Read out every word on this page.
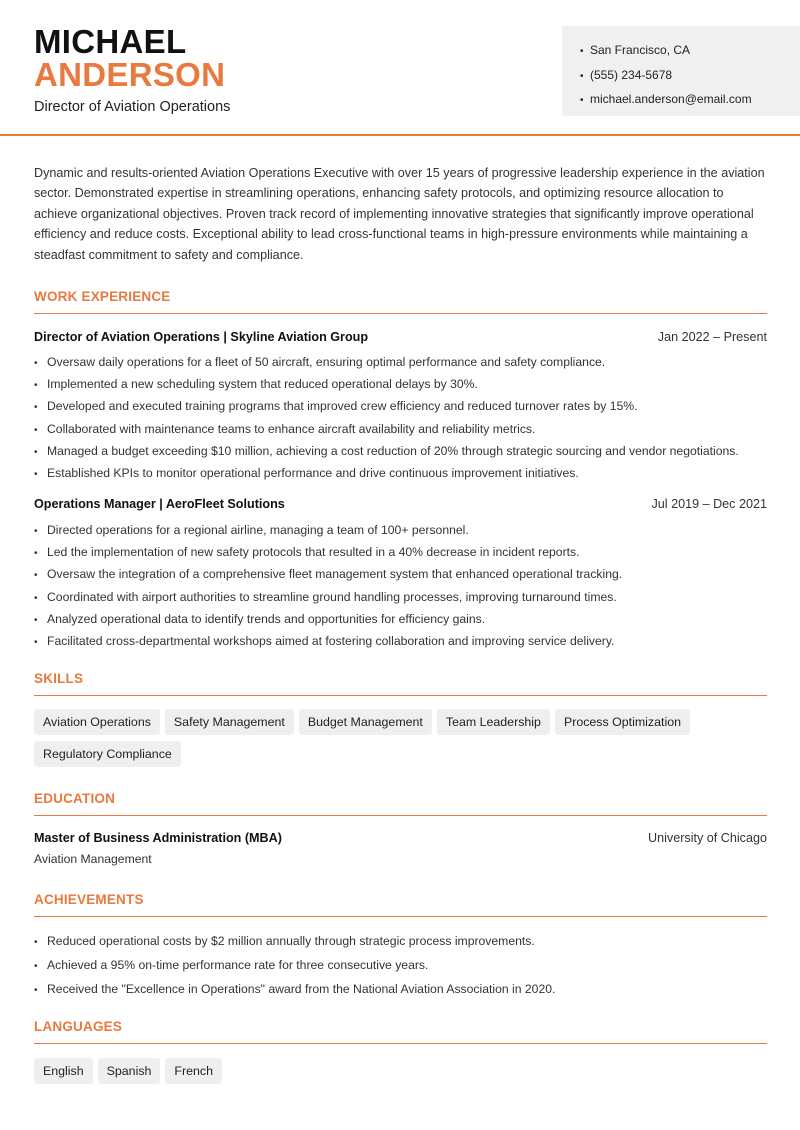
MICHAEL
ANDERSON
Director of Aviation Operations
• San Francisco, CA
• (555) 234-5678
• michael.anderson@email.com
Dynamic and results-oriented Aviation Operations Executive with over 15 years of progressive leadership experience in the aviation sector. Demonstrated expertise in streamlining operations, enhancing safety protocols, and optimizing resource allocation to achieve organizational objectives. Proven track record of implementing innovative strategies that significantly improve operational efficiency and reduce costs. Exceptional ability to lead cross-functional teams in high-pressure environments while maintaining a steadfast commitment to safety and compliance.
WORK EXPERIENCE
Director of Aviation Operations | Skyline Aviation Group	Jan 2022 – Present
• Oversaw daily operations for a fleet of 50 aircraft, ensuring optimal performance and safety compliance.
• Implemented a new scheduling system that reduced operational delays by 30%.
• Developed and executed training programs that improved crew efficiency and reduced turnover rates by 15%.
• Collaborated with maintenance teams to enhance aircraft availability and reliability metrics.
• Managed a budget exceeding $10 million, achieving a cost reduction of 20% through strategic sourcing and vendor negotiations.
• Established KPIs to monitor operational performance and drive continuous improvement initiatives.
Operations Manager | AeroFleet Solutions	Jul 2019 – Dec 2021
• Directed operations for a regional airline, managing a team of 100+ personnel.
• Led the implementation of new safety protocols that resulted in a 40% decrease in incident reports.
• Oversaw the integration of a comprehensive fleet management system that enhanced operational tracking.
• Coordinated with airport authorities to streamline ground handling processes, improving turnaround times.
• Analyzed operational data to identify trends and opportunities for efficiency gains.
• Facilitated cross-departmental workshops aimed at fostering collaboration and improving service delivery.
SKILLS
Aviation Operations Safety Management Budget Management Team Leadership Process OptimizationRegulatory Compliance
EDUCATION
Master of Business Administration (MBA)	University of Chicago
Aviation Management
ACHIEVEMENTS
• Reduced operational costs by $2 million annually through strategic process improvements.
• Achieved a 95% on-time performance rate for three consecutive years.
• Received the "Excellence in Operations" award from the National Aviation Association in 2020.
LANGUAGES
English Spanish French
